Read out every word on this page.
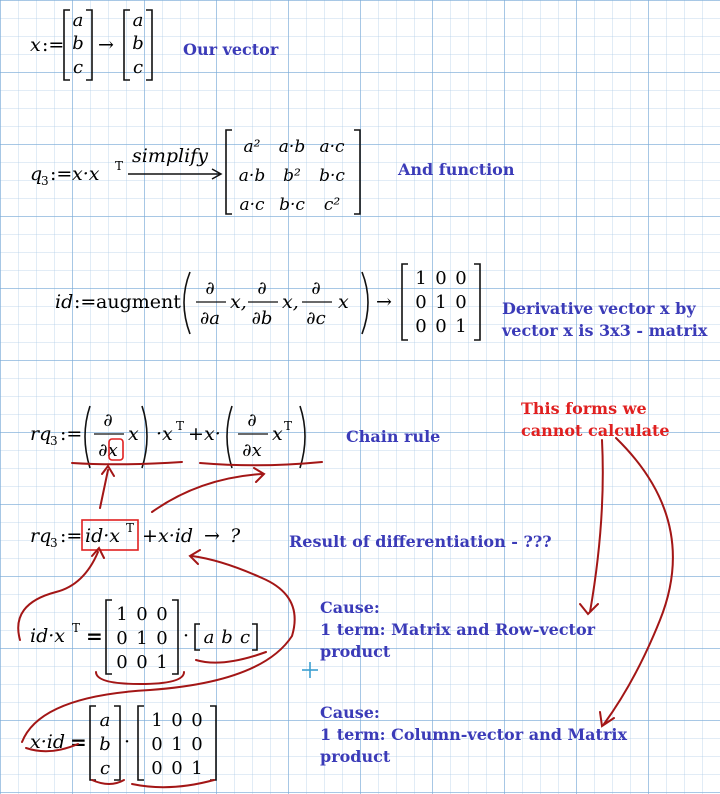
x :=
a
b
c
→
a
b
c
Our vector
q
3 := x·x T simplify a² a·b a·c
a·b b² b·c
a·c b·c c²
And function
id := augment
∂
∂a
x,
∂
∂b
x,
∂
∂c
x →
1 0 0
0 1 0
0 0 1
Derivative vector x by
vector x is 3x3 - matrix
rq
3 :=
∂
∂x
x ·x T + x·
∂
∂x
x T
Chain rule
This forms we
cannot calculate
rq
3 := id·x T + x·id → ?	Result of differentiation - ???
id·x T =
1 0 0
0 1 0
0 0 1
· a b c
Cause:
1 term: Matrix and Row-vector
product
x·id =
a
b
c
·
1 0 0
0 1 0
0 0 1
Cause:
1 term: Column-vector and Matrix
product
